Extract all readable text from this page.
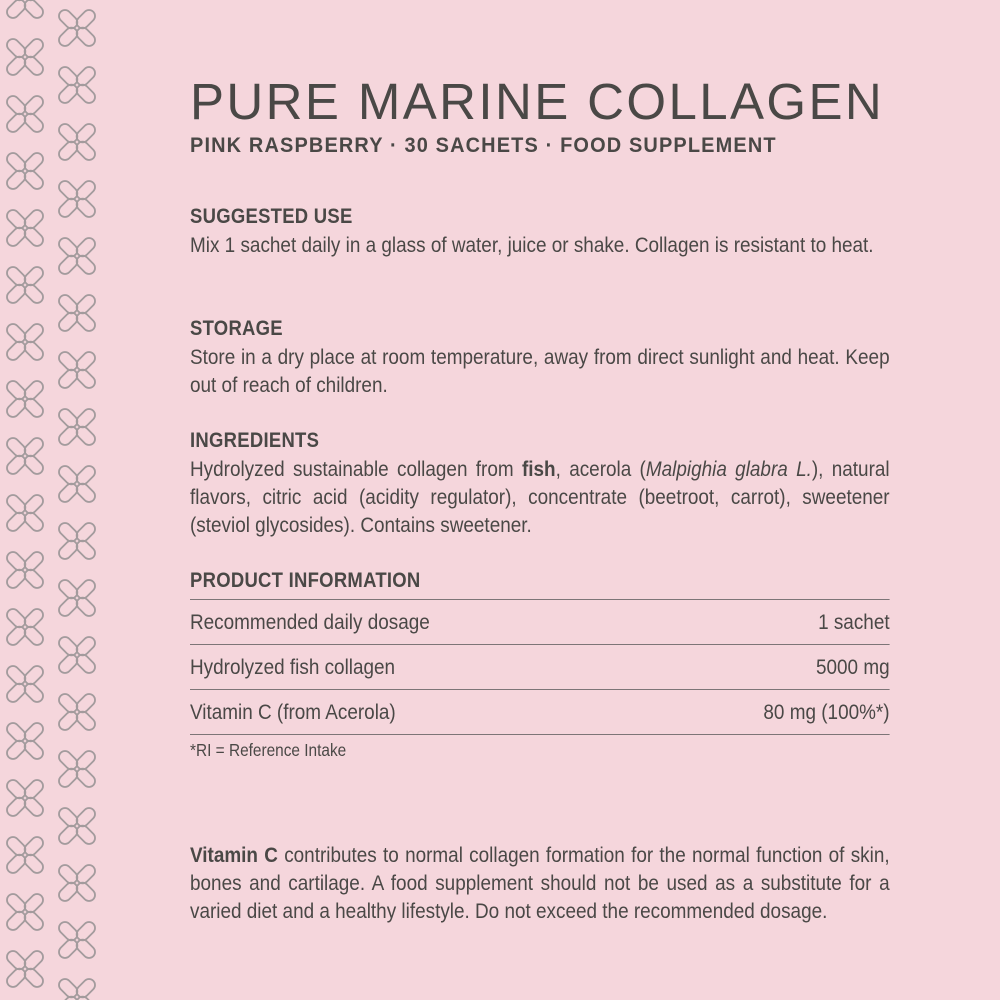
PURE MARINE COLLAGEN
PINK RASPBERRY · 30 SACHETS · FOOD SUPPLEMENT
SUGGESTED USE

Mix 1 sachet daily in a glass of water, juice or shake. Collagen is resistant to heat.

STORAGE

Store in a dry place at room temperature, away from direct sunlight and heat. Keep out of reach of children.

INGREDIENTS

Hydrolyzed sustainable collagen from fish, acerola (Malpighia glabra L.), natural flavors, citric acid (acidity regulator), concentrate (beetroot, carrot), sweetener (steviol glycosides). Contains sweetener.

PRODUCT INFORMATION
Recommended daily dosage	1 sachet
Hydrolyzed fish collagen	5000 mg
Vitamin C (from Acerola)	80 mg (100%*)
*RI = Reference Intake

Vitamin C contributes to normal collagen formation for the normal function of skin, bones and cartilage. A food supplement should not be used as a substitute for a varied diet and a healthy lifestyle. Do not exceed the recommended dosage.
